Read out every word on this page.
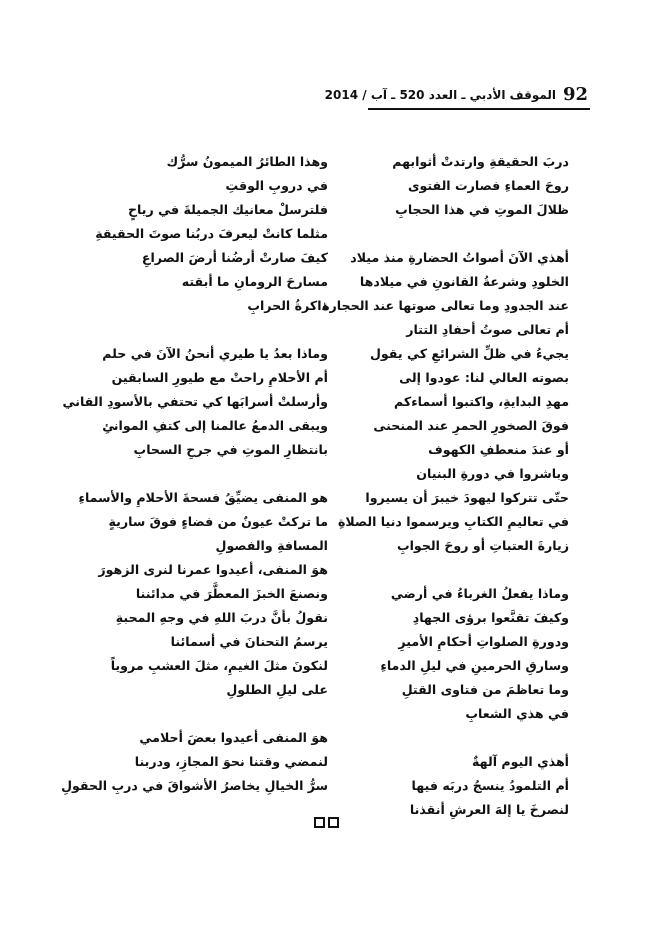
92
الموقف الأدبي ـ العدد 520 ـ آب / 2014
دربَ الحقيقةِ وارتدتْ أثوابهم
روحَ العماءِ فصارت الفتوى
ظلالَ الموتِ في هذا الحجابِ
أهذي الآنَ أصواتُ الحضارةِ منذ ميلاد
الخلودِ وشرعةُ القانونِ في ميلادها
عند الجدودِ وما تعالى صوتها عند الحجارة
أم تعالى صوتُ أحفادِ التتار
يجيءُ في ظلِّ الشرائعِ كي يقول
بصوته العالي لنا: عودوا إلى
مهدِ البدايةِ، واكتبوا أسماءكم
فوقَ الصخورِ الحمرِ عند المنحنى
أو عندَ منعطفِ الكهوف
وباشروا في دورةِ البنيان
حتّى تتركوا ليهودَ خيبرَ أن يسيروا
في تعاليمِ الكتابِ ويرسموا دنيا الصلاةِ
زيارةَ العتباتِ أو روحَ الجوابِ
وماذا يفعلُ الغرباءُ في أرضي
وكيفَ تقنَّعوا برؤى الجهادِ
ودورةِ الصلواتِ أحكامِ الأميرِ
وسارقِ الحرمينِ في ليلِ الدماءِ
وما تعاظمَ من فتاوى القتلِ
في هذي الشعابِ
أهذي اليوم آلهةٌ
أم التلمودُ ينسجُ دربَه فيها
لنصرخَ يا إلهَ العرشِ أنقذنا
وهذا الطائرُ الميمونُ سرُّك
في دروبِ الوقتِ
فلترسلْ معانيك الجميلةَ في رياحٍ
مثلما كانتْ ليعرفَ دربُنا صوتَ الحقيقةِ
كيفَ صارتْ أرضُنا أرضَ الصراعِ
مسارحَ الرومانِ ما أبقته
ذاكرةُ الحرابِ
وماذا بعدُ يا طيري أنحنُ الآنَ في حلم
أم الأحلامِ راحتْ مع طيورِ السابقين
وأرسلتْ أسرابَها كي تحتفي بالأسودِ القاني
ويبقى الدمعُ عالمنا إلى كتفِ الموانئِ
بانتظارِ الموتِ في جرحِ السحابِ
هو المنفى يضيِّقُ فسحةَ الأحلامِ والأسماءِ
ما تركتْ عيونٌ من فضاءٍ فوقَ ساريةٍ
المسافةِ والفصولِ
هوَ المنفى، أعيدوا عمرنا لنرى الزهورَ
ونصنعَ الخبزَ المعطَّرَ في مدائننا
نقولُ بأنَّ دربَ اللهِ في وجهِ المحبةِ
يرسمُ التحنانَ في أسمائنا
لنكونَ مثلَ الغيمِ، مثلَ العشبِ مروياً
على ليلِ الطلولِ
هوَ المنفى أعيدوا بعضَ أحلامي
لنمضي وقتنا نحوَ المجازِ، ودربنا
سرُّ الخيالِ يخاصرُ الأشواقَ في دربِ الحقولِ
